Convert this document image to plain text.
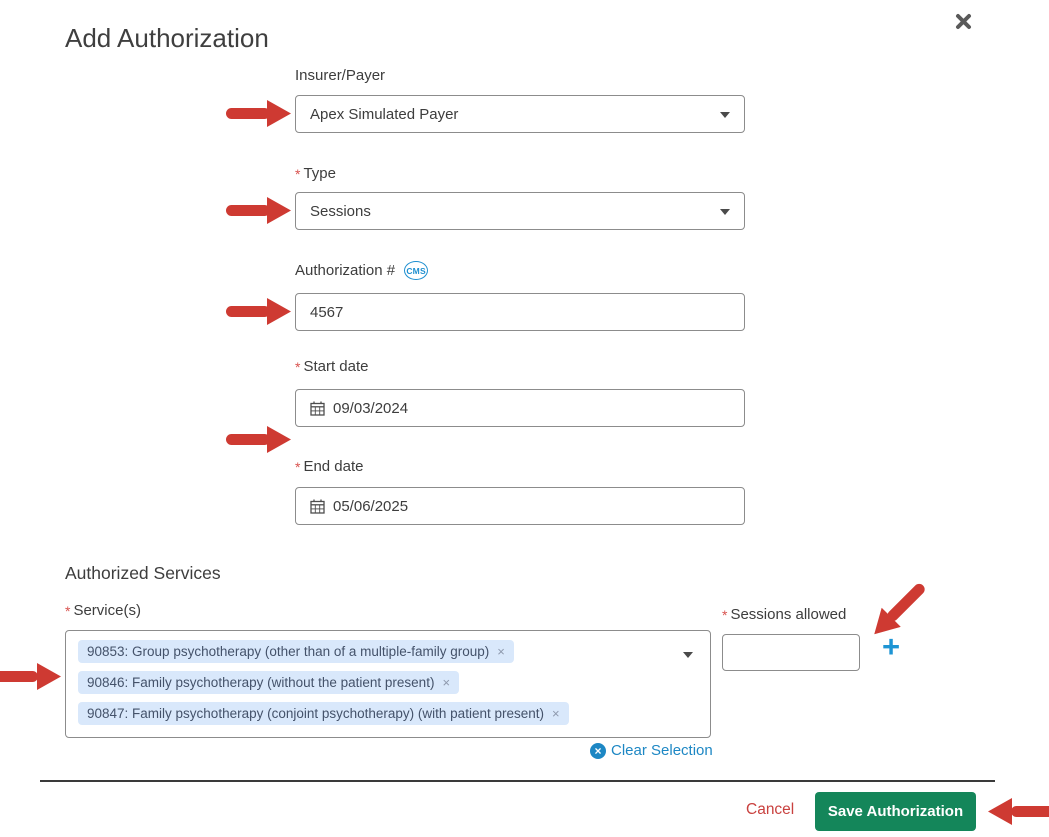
Add Authorization
Insurer/Payer
Apex Simulated Payer
* Type
Sessions
Authorization # CMS
4567
* Start date
09/03/2024
* End date
05/06/2025
Authorized Services
* Service(s)
90853: Group psychotherapy (other than of a multiple-family group) ×
90846: Family psychotherapy (without the patient present) ×
90847: Family psychotherapy (conjoint psychotherapy) (with patient present) ×
* Sessions allowed
+
× Clear Selection
Cancel	Save Authorization
